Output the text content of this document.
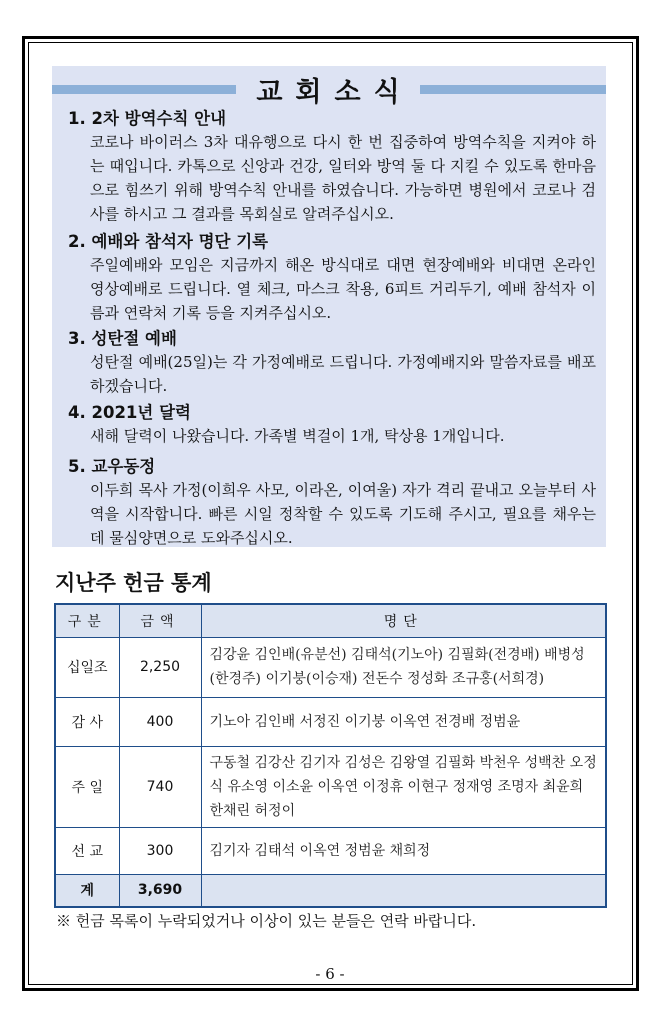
교회소식
1. 2차 방역수칙 안내
코로나 바이러스 3차 대유행으로 다시 한 번 집중하여 방역수칙을 지켜야 하는 때입니다. 카톡으로 신앙과 건강, 일터와 방역 둘 다 지킬 수 있도록 한마음으로 힘쓰기 위해 방역수칙 안내를 하였습니다. 가능하면 병원에서 코로나 검사를 하시고 그 결과를 목회실로 알려주십시오.
2. 예배와 참석자 명단 기록
주일예배와 모임은 지금까지 해온 방식대로 대면 현장예배와 비대면 온라인 영상예배로 드립니다. 열 체크, 마스크 착용, 6피트 거리두기, 예배 참석자 이름과 연락처 기록 등을 지켜주십시오.
3. 성탄절 예배
성탄절 예배(25일)는 각 가정예배로 드립니다. 가정예배지와 말씀자료를 배포하겠습니다.
4. 2021년 달력
새해 달력이 나왔습니다. 가족별 벽걸이 1개, 탁상용 1개입니다.
5. 교우동정
이두희 목사 가정(이희우 사모, 이라온, 이여울) 자가 격리 끝내고 오늘부터 사역을 시작합니다. 빠른 시일 정착할 수 있도록 기도해 주시고, 필요를 채우는 데 물심양면으로 도와주십시오.
지난주 헌금 통계
구분	금액	명단
십일조	2,250	김강윤 김인배(유분선) 김태석(기노아) 김필화(전경배) 배병성(한경주) 이기붕(이승재) 전돈수 정성화 조규홍(서희경)
감 사	400	기노아 김인배 서정진 이기붕 이옥연 전경배 정범윤
주 일	740	구동철 김강산 김기자 김성은 김왕열 김필화 박천우 성백찬 오정식 유소영 이소윤 이옥연 이정휴 이현구 정재영 조명자 최윤희 한채린 허정이
선 교	300	김기자 김태석 이옥연 정범윤 채희정
계	3,690	
※ 헌금 목록이 누락되었거나 이상이 있는 분들은 연락 바랍니다.
- 6 -
